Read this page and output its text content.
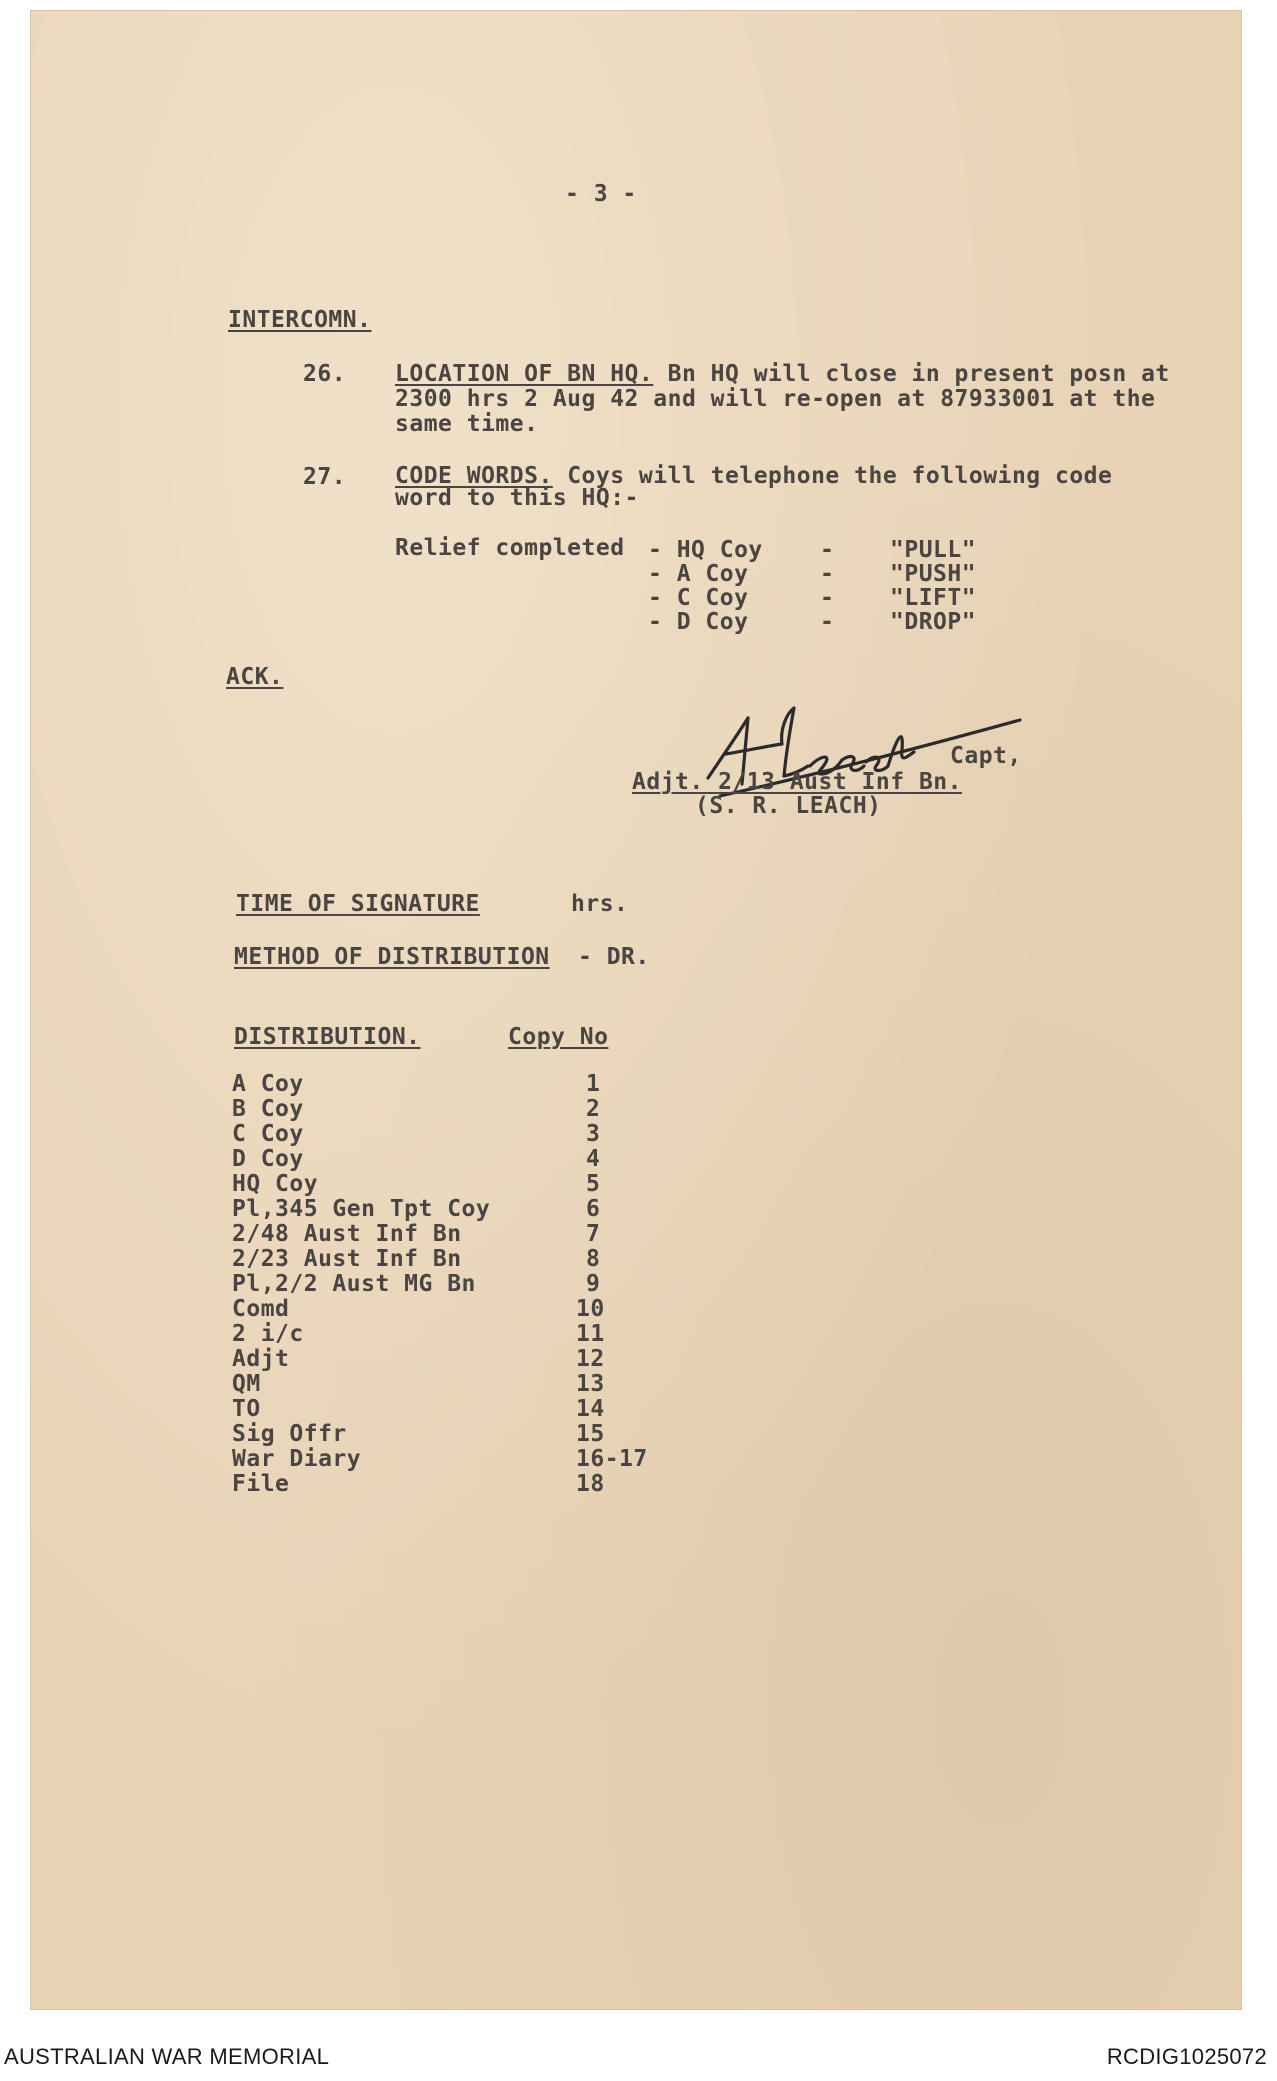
- 3 -
INTERCOMN.
26. LOCATION OF BN HQ. Bn HQ will close in present posn at 2300 hrs 2 Aug 42 and will re-open at 87933001 at the same time.
27. CODE WORDS. Coys will telephone the following code word to this HQ:-
Relief completed - HQ Coy - "PULL"
- A Coy	- "PUSH"
- C Coy	- "LIFT"
- D Coy	- "DROP"
ACK.
Capt,
Adjt. 2/13 Aust Inf Bn.
(S. R. LEACH)
TIME OF SIGNATURE	hrs.
METHOD OF DISTRIBUTION - DR.
DISTRIBUTION.	Copy No
A Coy	1
B Coy	2
C Coy	3
D Coy	4
HQ Coy	5
Pl,345 Gen Tpt Coy	6
2/48 Aust Inf Bn	7
2/23 Aust Inf Bn	8
Pl,2/2 Aust MG Bn	9
Comd	10
2 i/c	11
Adjt	12
QM	13
TO	14
Sig Offr	15
War Diary	16-17
File	18
AUSTRALIAN WAR MEMORIAL	RCDIG1025072
